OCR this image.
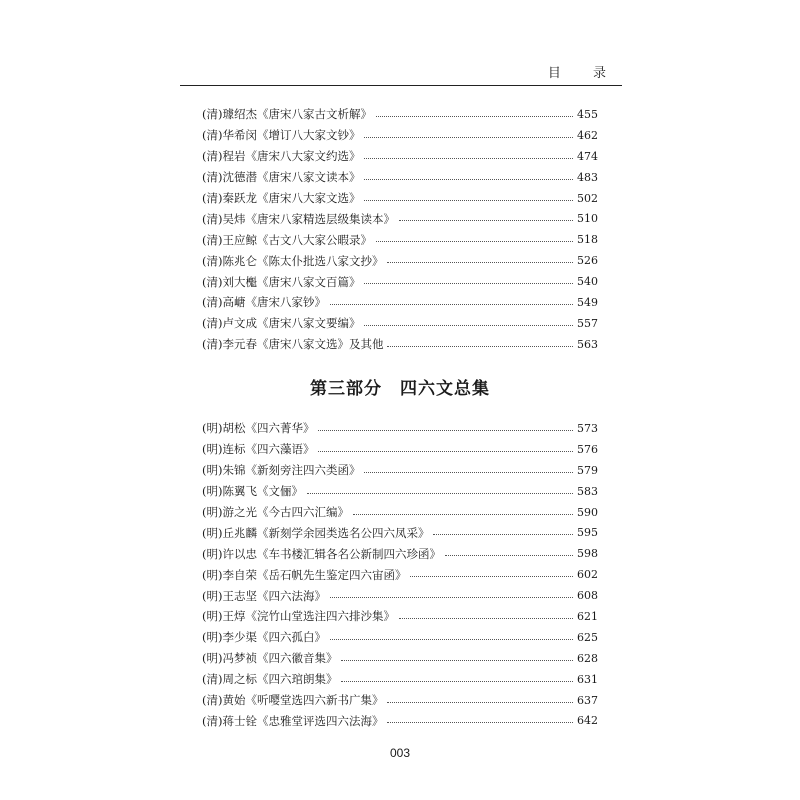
目 录
(清)璩绍杰《唐宋八家古文析解》	455
(清)华希闵《增订八大家文钞》	462
(清)程岩《唐宋八大家文约选》	474
(清)沈德潜《唐宋八家文读本》	483
(清)秦跃龙《唐宋八大家文选》	502
(清)吴炜《唐宋八家精选层级集读本》	510
(清)王应鲸《古文八大家公暇录》	518
(清)陈兆仑《陈太仆批选八家文抄》	526
(清)刘大櫆《唐宋八家文百篇》	540
(清)高嵣《唐宋八家钞》	549
(清)卢文成《唐宋八家文要编》	557
(清)李元春《唐宋八家文选》及其他	563
第三部分　四六文总集
(明)胡松《四六菁华》	573
(明)连标《四六藻语》	576
(明)朱锦《新刻旁注四六类函》	579
(明)陈翼飞《文俪》	583
(明)游之光《今古四六汇编》	590
(明)丘兆麟《新刻学余园类选名公四六凤采》	595
(明)许以忠《车书楼汇辑各名公新制四六珍函》	598
(明)李自荣《岳石帆先生鉴定四六宙函》	602
(明)王志坚《四六法海》	608
(明)王焞《浣竹山堂选注四六排沙集》	621
(明)李少渠《四六孤白》	625
(明)冯梦祯《四六徽音集》	628
(清)周之标《四六琯朗集》	631
(清)黄始《听嘤堂选四六新书广集》	637
(清)蒋士铨《忠雅堂评选四六法海》	642
003
